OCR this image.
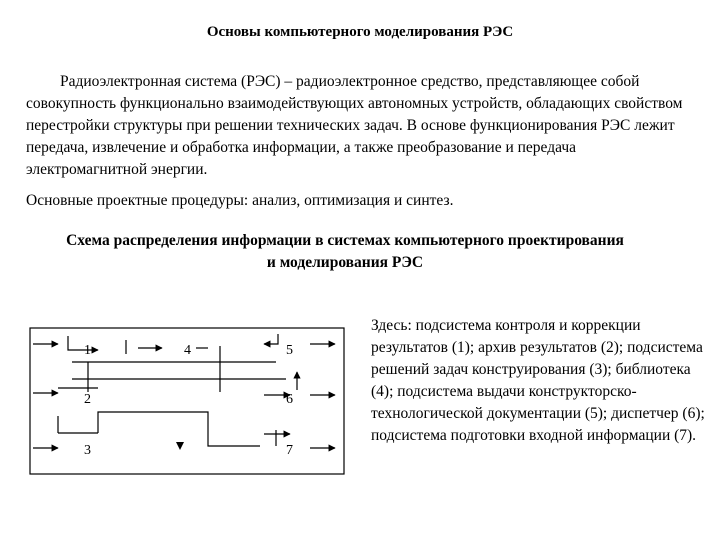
Основы компьютерного моделирования РЭС

Радиоэлектронная система (РЭС) – радиоэлектронное средство, представляющее собой совокупность функционально взаимодействующих автономных устройств, обладающих свойством перестройки структуры при решении технических задач. В основе функционирования РЭС лежит передача, извлечение и обработка информации, а также преобразование и передача электромагнитной энергии.

Основные проектные процедуры: анализ, оптимизация и синтез.

Схема распределения информации в системах компьютерного проектирования и моделирования РЭС
1	4	5
2	6
3	7

Здесь: подсистема контроля и коррекции результатов (1); архив результатов (2); подсистема решений задач конструирования (3); библиотека (4); подсистема выдачи конструкторско-технологической документации (5); диспетчер (6); подсистема подготовки входной информации (7).
